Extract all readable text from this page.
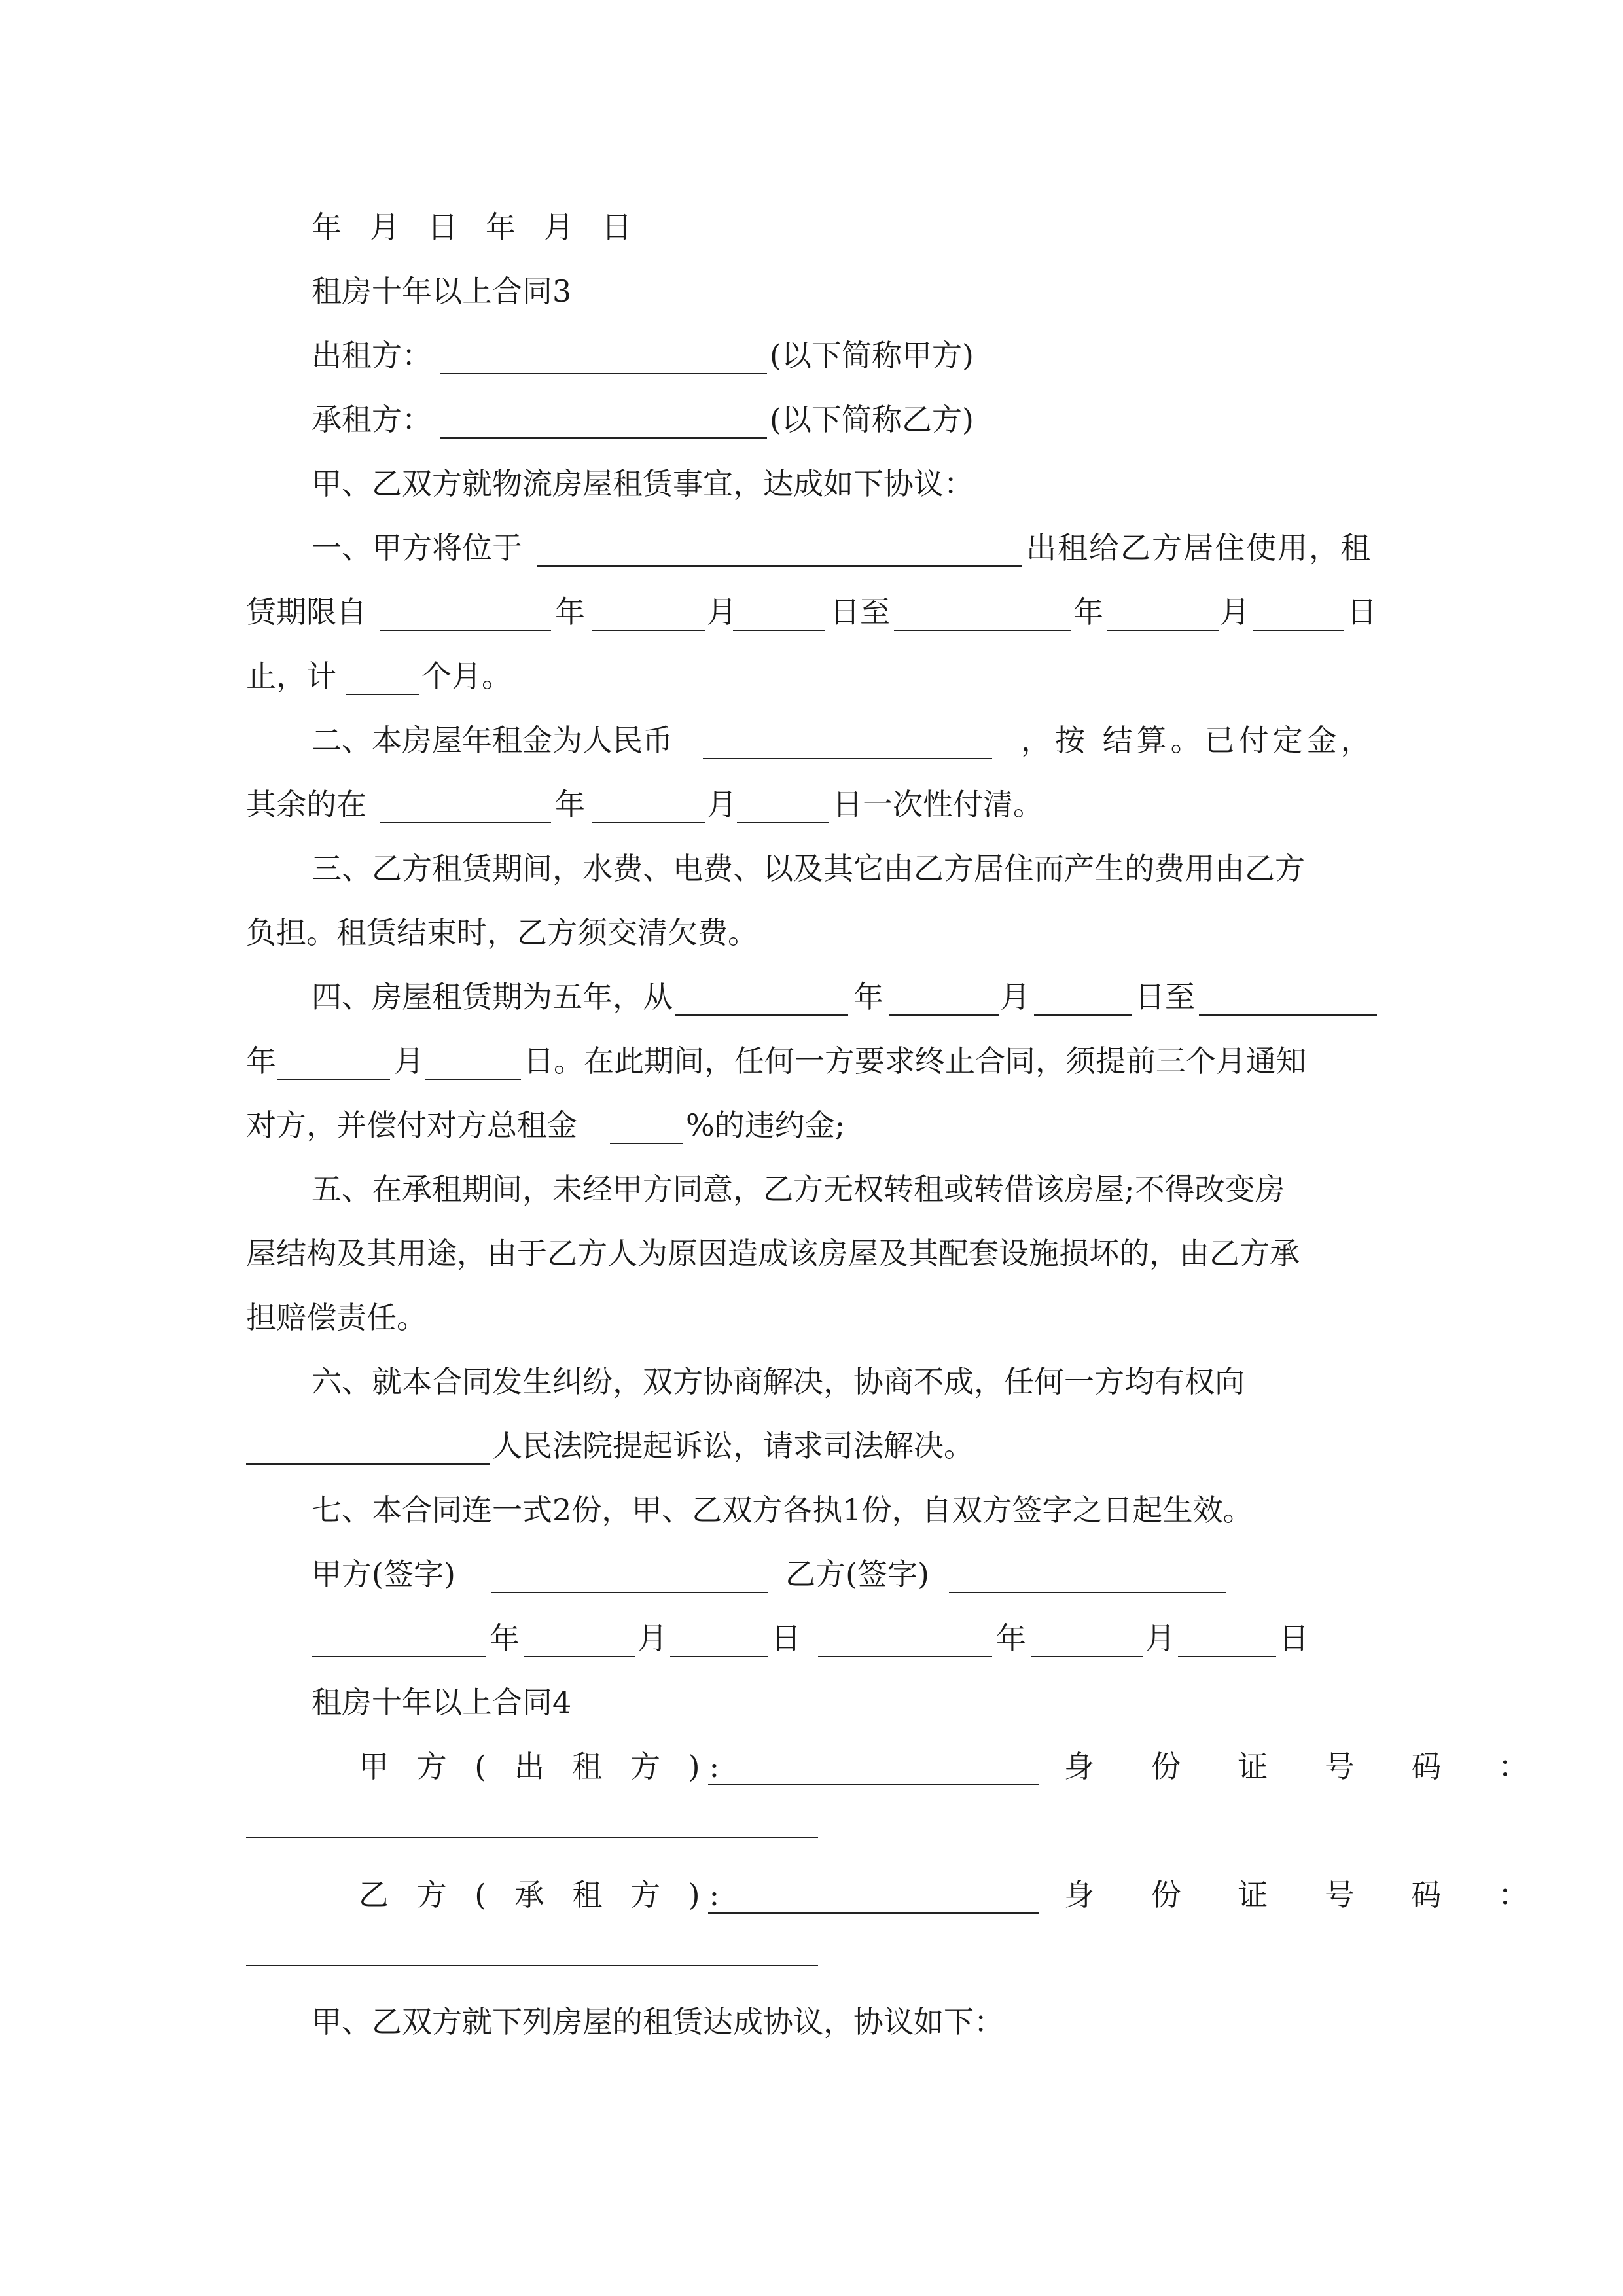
年 月 日 年 月 日
租房十年以上合同3
出租方：	(以下简称甲方)
承租方：	(以下简称乙方)
甲、乙双方就物流房屋租赁事宜，达成如下协议：
一、甲方将位于	出租给乙方居住使用，租
赁期限自	年	月	日至	年	月	日
止，计	个月。
二、本房屋年租金为人民币	，按 结算。已付定金，
其余的在	年	月	日一次性付清。
三、乙方租赁期间，水费、电费、以及其它由乙方居住而产生的费用由乙方
负担。租赁结束时，乙方须交清欠费。
四、房屋租赁期为五年，从	年	月	日至
年	月	日。在此期间，任何一方要求终止合同，须提前三个月通知
对方，并偿付对方总租金	%的违约金;
五、在承租期间，未经甲方同意，乙方无权转租或转借该房屋;不得改变房
屋结构及其用途，由于乙方人为原因造成该房屋及其配套设施损坏的，由乙方承
担赔偿责任。
六、就本合同发生纠纷，双方协商解决，协商不成，任何一方均有权向
人民法院提起诉讼，请求司法解决。
七、本合同连一式2份，甲、乙双方各执1份，自双方签字之日起生效。
甲方(签字)	乙方(签字)
年	月	日	年	月	日
租房十年以上合同4
甲 方 ( 出 租 方 ):	身 份 证 号 码 ：
乙 方 ( 承 租 方 ):	身 份 证 号 码 ：
甲、乙双方就下列房屋的租赁达成协议，协议如下：
